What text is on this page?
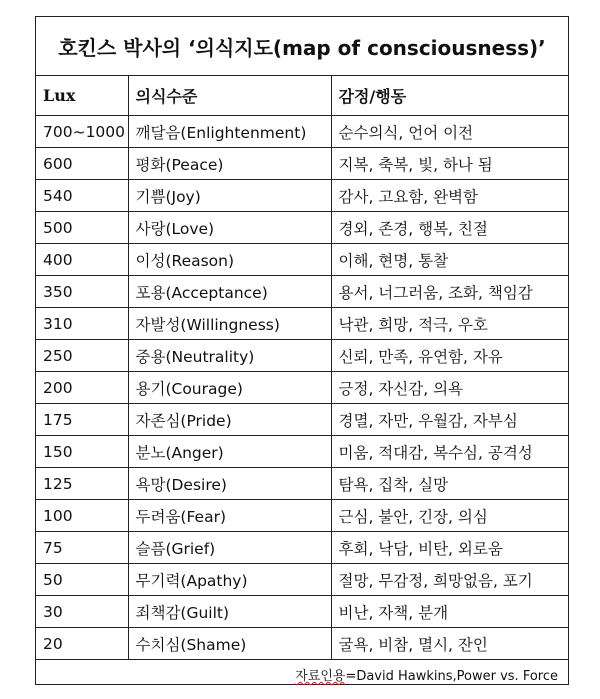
호킨스 박사의 ‘의식지도(map of consciousness)’		
Lux	의식수준	감정/행동
700~1000	깨달음(Enlightenment)	순수의식, 언어 이전
600	평화(Peace)	지복, 축복, 빛, 하나 됨
540	기쁨(Joy)	감사, 고요함, 완벽함
500	사랑(Love)	경외, 존경, 행복, 친절
400	이성(Reason)	이해, 현명, 통찰
350	포용(Acceptance)	용서, 너그러움, 조화, 책임감
310	자발성(Willingness)	낙관, 희망, 적극, 우호
250	중용(Neutrality)	신뢰, 만족, 유연함, 자유
200	용기(Courage)	긍정, 자신감, 의욕
175	자존심(Pride)	경멸, 자만, 우월감, 자부심
150	분노(Anger)	미움, 적대감, 복수심, 공격성
125	욕망(Desire)	탐욕, 집착, 실망
100	두려움(Fear)	근심, 불안, 긴장, 의심
75	슬픔(Grief)	후회, 낙담, 비탄, 외로움
50	무기력(Apathy)	절망, 무감정, 희망없음, 포기
30	죄책감(Guilt)	비난, 자책, 분개
20	수치심(Shame)	굴욕, 비참, 멸시, 잔인
자료인용=David Hawkins,Power vs. Force		
